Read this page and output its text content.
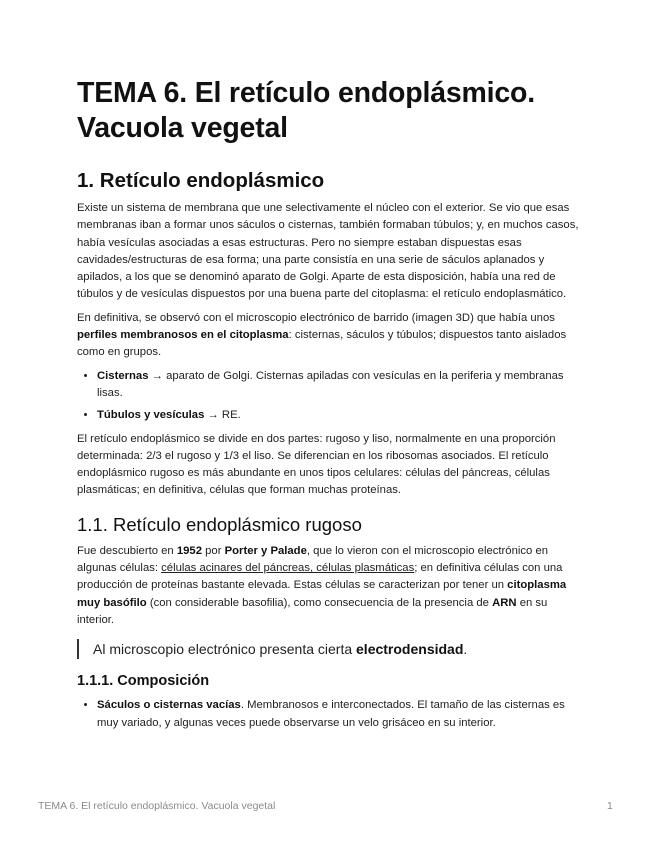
TEMA 6. El retículo endoplásmico. Vacuola vegetal
1. Retículo endoplásmico

Existe un sistema de membrana que une selectivamente el núcleo con el exterior. Se vio que esas membranas iban a formar unos sáculos o cisternas, también formaban túbulos; y, en muchos casos, había vesículas asociadas a esas estructuras. Pero no siempre estaban dispuestas esas cavidades/estructuras de esa forma; una parte consistía en una serie de sáculos aplanados y apilados, a los que se denominó aparato de Golgi. Aparte de esta disposición, había una red de túbulos y de vesículas dispuestos por una buena parte del citoplasma: el retículo endoplasmático.

En definitiva, se observó con el microscopio electrónico de barrido (imagen 3D) que había unos perfiles membranosos en el citoplasma: cisternas, sáculos y túbulos; dispuestos tanto aislados como en grupos.

• Cisternas → aparato de Golgi. Cisternas apiladas con vesículas en la periferia y membranas lisas.
• Túbulos y vesículas → RE.

El retículo endoplásmico se divide en dos partes: rugoso y liso, normalmente en una proporción determinada: 2/3 el rugoso y 1/3 el liso. Se diferencian en los ribosomas asociados. El retículo endoplásmico rugoso es más abundante en unos tipos celulares: células del páncreas, células plasmáticas; en definitiva, células que forman muchas proteínas.

1.1. Retículo endoplásmico rugoso

Fue descubierto en 1952 por Porter y Palade, que lo vieron con el microscopio electrónico en algunas células: células acinares del páncreas, células plasmáticas; en definitiva células con una producción de proteínas bastante elevada. Estas células se caracterizan por tener un citoplasma muy basófilo (con considerable basofilia), como consecuencia de la presencia de ARN en su interior.

Al microscopio electrónico presenta cierta electrodensidad.
1.1.1. Composición
• Sáculos o cisternas vacías. Membranosos e interconectados. El tamaño de las cisternas es muy variado, y algunas veces puede observarse un velo grisáceo en su interior.
TEMA 6. El retículo endoplásmico. Vacuola vegetal	1
